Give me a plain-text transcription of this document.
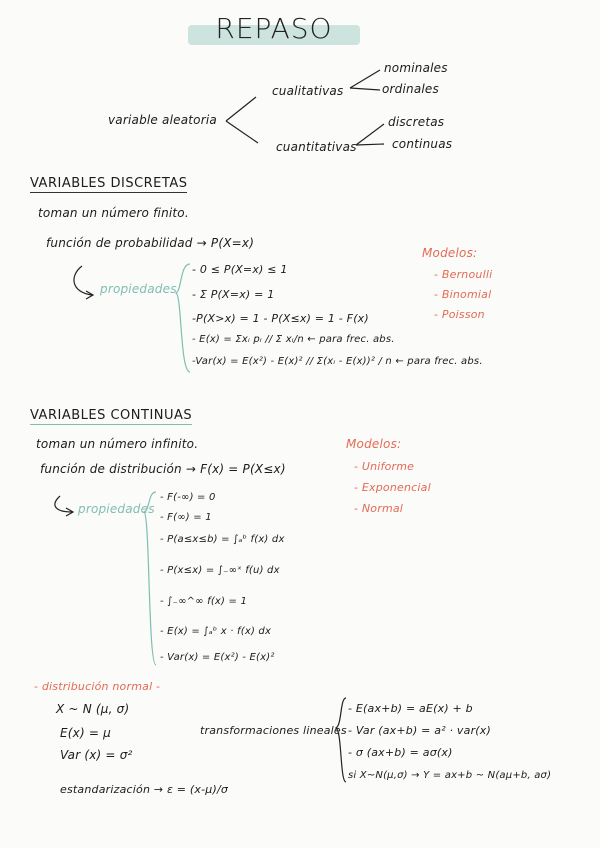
REPASO
variable aleatoria
cualitativas
cuantitativas
nominales
ordinales
discretas
continuas
VARIABLES DISCRETAS
toman un número finito.
función de probabilidad → P(X=x)
propiedades
- 0 ≤ P(X=x) ≤ 1
- Σ P(X=x) = 1
-P(X>x) = 1 - P(X≤x) = 1 - F(x)
- E(x) = Σxᵢ pᵢ // Σ xᵢ/n ← para frec. abs.
-Var(x) = E(x²) - E(x)² // Σ(xᵢ - E(x))² / n ← para frec. abs.
Modelos:
- Bernoulli
- Binomial
- Poisson
VARIABLES CONTINUAS
toman un número infinito.
función de distribución → F(x) = P(X≤x)
propiedades
- F(-∞) = 0
- F(∞) = 1
- P(a≤x≤b) = ∫ₐᵇ f(x) dx
- P(x≤x) = ∫₋∞ˣ f(u) dx
- ∫₋∞^∞ f(x) = 1
- E(x) = ∫ₐᵇ x · f(x) dx
- Var(x) = E(x²) - E(x)²
Modelos:
- Uniforme
- Exponencial
- Normal
- distribución normal -
X ~ N (μ, σ)
E(x) = μ
Var (x) = σ²
estandarización → ε = (x-μ)/σ
transformaciones lineales
- E(ax+b) = aE(x) + b
- Var (ax+b) = a² · var(x)
- σ (ax+b) = aσ(x)
si X~N(μ,σ) → Y = ax+b ~ N(aμ+b, aσ)
